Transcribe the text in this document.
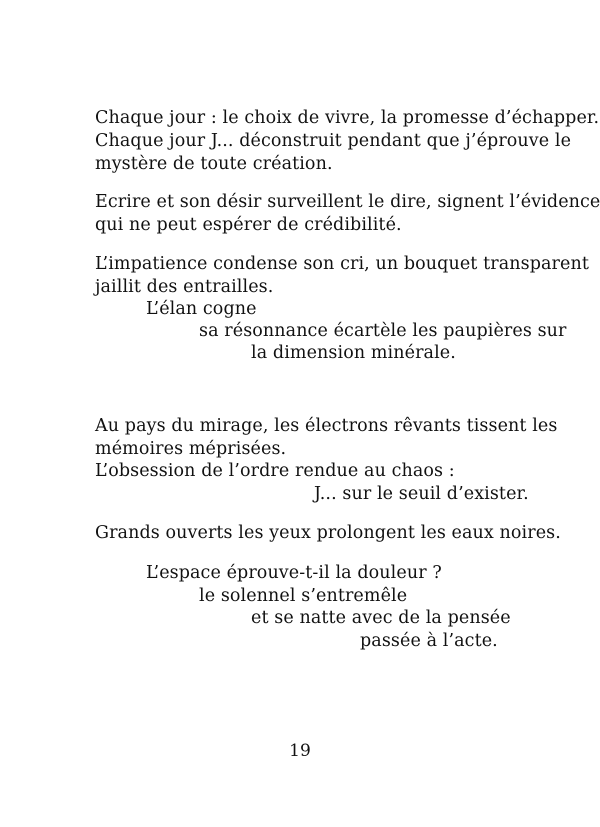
Chaque jour : le choix de vivre, la promesse d’échapper.
Chaque jour J... déconstruit pendant que j’éprouve le
mystère de toute création.
Ecrire et son désir surveillent le dire, signent l’évidence
qui ne peut espérer de crédibilité.
L’impatience condense son cri, un bouquet transparent
jaillit des entrailles.
L’élan cogne
sa résonnance écartèle les paupières sur
la dimension minérale.
Au pays du mirage, les électrons rêvants tissent les
mémoires méprisées.
L’obsession de l’ordre rendue au chaos :
J... sur le seuil d’exister.
Grands ouverts les yeux prolongent les eaux noires.
L’espace éprouve-t-il la douleur ?
le solennel s’entremêle
et se natte avec de la pensée
passée à l’acte.
19
